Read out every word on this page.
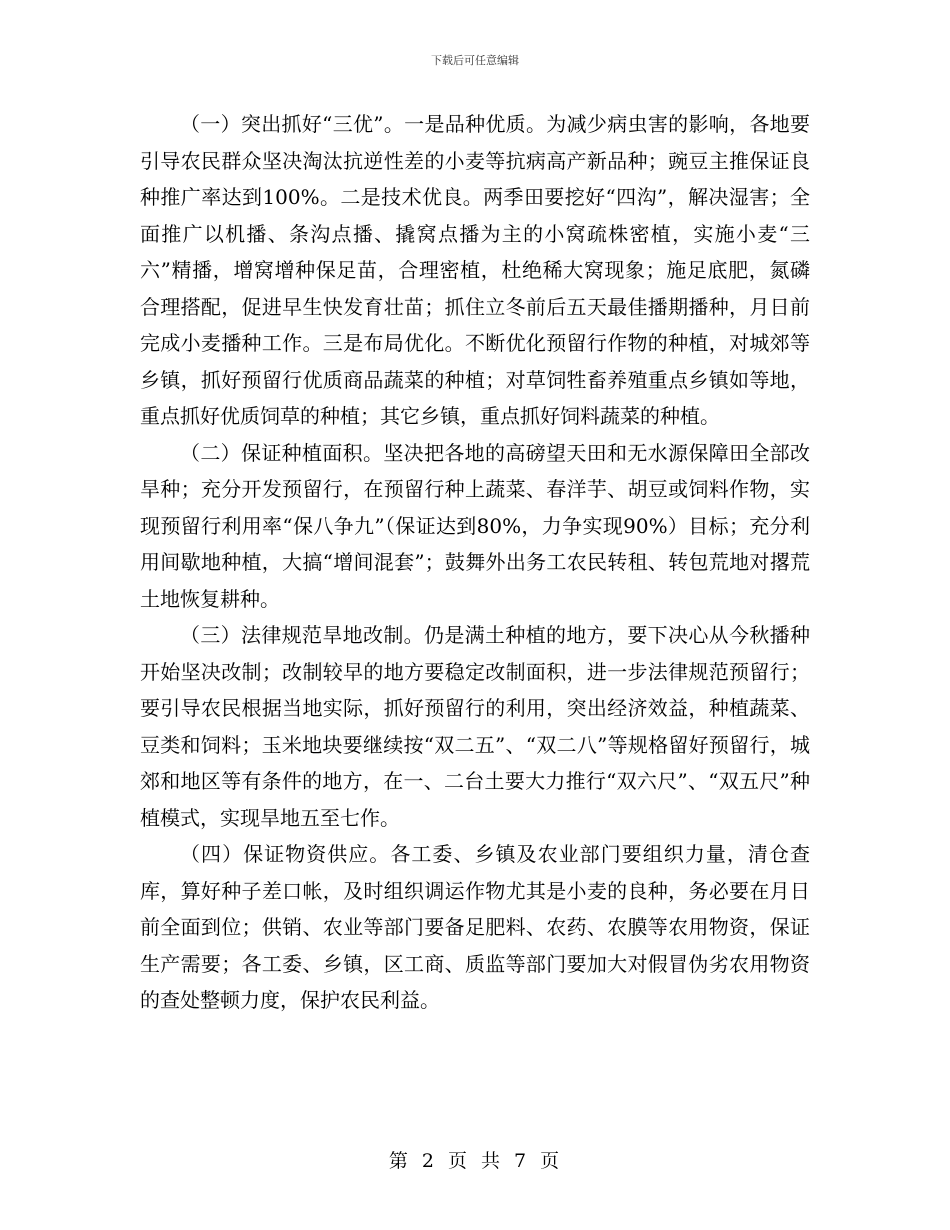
下载后可任意编辑

（一）突出抓好“三优”。一是品种优质。为减少病虫害的影响，各地要引导农民群众坚决淘汰抗逆性差的小麦等抗病高产新品种；豌豆主推保证良种推广率达到100%。二是技术优良。两季田要挖好“四沟”，解决湿害；全面推广以机播、条沟点播、撬窝点播为主的小窝疏株密植，实施小麦“三六”精播，增窝增种保足苗，合理密植，杜绝稀大窝现象；施足底肥，氮磷合理搭配，促进早生快发育壮苗；抓住立冬前后五天最佳播期播种，月日前完成小麦播种工作。三是布局优化。不断优化预留行作物的种植，对城郊等乡镇，抓好预留行优质商品蔬菜的种植；对草饲牲畜养殖重点乡镇如等地，重点抓好优质饲草的种植；其它乡镇，重点抓好饲料蔬菜的种植。

（二）保证种植面积。坚决把各地的高磅望天田和无水源保障田全部改旱种；充分开发预留行，在预留行种上蔬菜、春洋芋、胡豆或饲料作物，实现预留行利用率“保八争九”（保证达到80%，力争实现90%）目标；充分利用间歇地种植，大搞“增间混套”；鼓舞外出务工农民转租、转包荒地对撂荒土地恢复耕种。

（三）法律规范旱地改制。仍是满土种植的地方，要下决心从今秋播种开始坚决改制；改制较早的地方要稳定改制面积，进一步法律规范预留行；要引导农民根据当地实际，抓好预留行的利用，突出经济效益，种植蔬菜、豆类和饲料；玉米地块要继续按“双二五”、“双二八”等规格留好预留行，城郊和地区等有条件的地方，在一、二台土要大力推行“双六尺”、“双五尺”种植模式，实现旱地五至七作。

（四）保证物资供应。各工委、乡镇及农业部门要组织力量，清仓查库，算好种子差口帐，及时组织调运作物尤其是小麦的良种，务必要在月日前全面到位；供销、农业等部门要备足肥料、农药、农膜等农用物资，保证生产需要；各工委、乡镇，区工商、质监等部门要加大对假冒伪劣农用物资的查处整顿力度，保护农民利益。

第 2 页 共 7 页
